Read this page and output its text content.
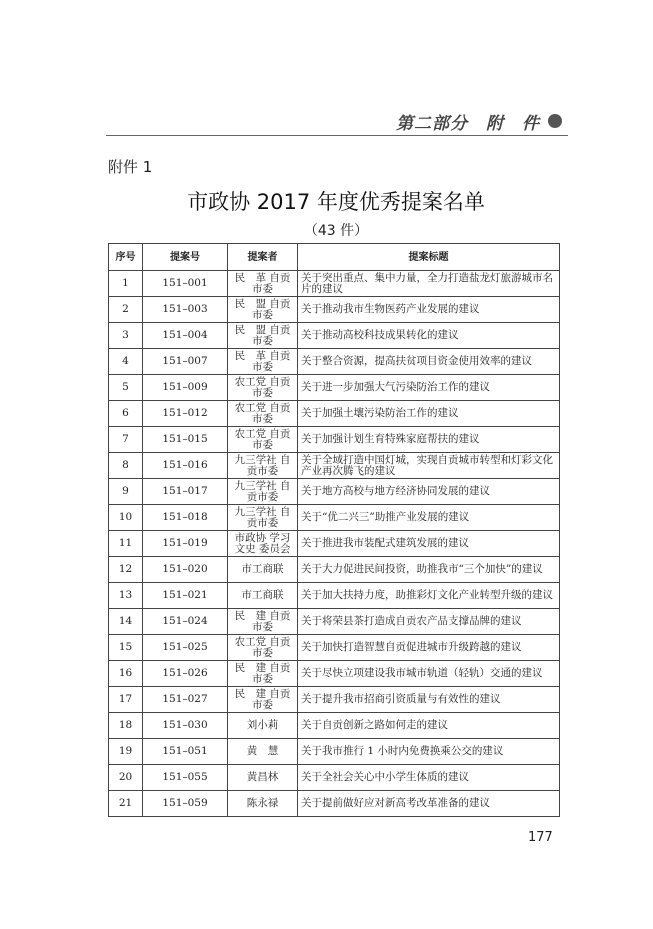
第二部分　附　件
附件 1
市政协 2017 年度优秀提案名单
（43 件）
序号	提案号	提案者	提案标题
1	151–001	民　革 自贡市委	关于突出重点、集中力量，全力打造盐龙灯旅游城市名片的建议
2	151–003	民　盟 自贡市委	关于推动我市生物医药产业发展的建议
3	151–004	民　盟 自贡市委	关于推动高校科技成果转化的建议
4	151–007	民　革 自贡市委	关于整合资源，提高扶贫项目资金使用效率的建议
5	151–009	农工党 自贡市委	关于进一步加强大气污染防治工作的建议
6	151–012	农工党 自贡市委	关于加强土壤污染防治工作的建议
7	151–015	农工党 自贡市委	关于加强计划生育特殊家庭帮扶的建议
8	151–016	九三学社 自贡市委	关于全域打造中国灯城，实现自贡城市转型和灯彩文化产业再次腾飞的建议
9	151–017	九三学社 自贡市委	关于地方高校与地方经济协同发展的建议
10	151–018	九三学社 自贡市委	关于“优二兴三”助推产业发展的建议
11	151–019	市政协 学习文史 委员会	关于推进我市装配式建筑发展的建议
12	151–020	市工商联	关于大力促进民间投资，助推我市“三个加快”的建议
13	151–021	市工商联	关于加大扶持力度，助推彩灯文化产业转型升级的建议
14	151–024	民　建 自贡市委	关于将荣县茶打造成自贡农产品支撑品牌的建议
15	151–025	农工党 自贡市委	关于加快打造智慧自贡促进城市升级跨越的建议
16	151–026	民　建 自贡市委	关于尽快立项建设我市城市轨道（轻轨）交通的建议
17	151–027	民　建 自贡市委	关于提升我市招商引资质量与有效性的建议
18	151–030	刘小莉	关于自贡创新之路如何走的建议
19	151–051	黄　慧	关于我市推行 1 小时内免费换乘公交的建议
20	151–055	黄昌林	关于全社会关心中小学生体质的建议
21	151–059	陈永禄	关于提前做好应对新高考改革准备的建议
177
